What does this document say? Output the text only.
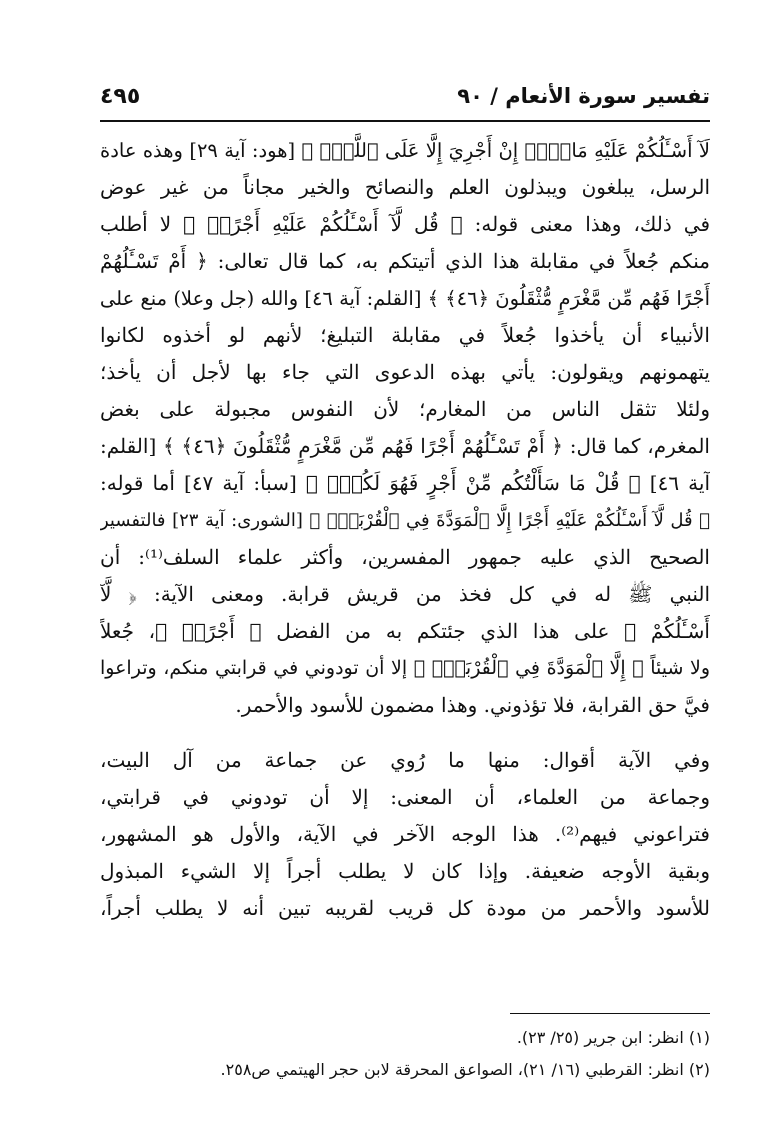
تفسير سورة الأنعام / ٩٠
٤٩٥
لَآ أَسْـَٔلُكُمْ عَلَيْهِ مَالًاۖ إِنْ أَجْرِيَ إِلَّا عَلَى ٱللَّهِۚ ﴾ [هود: آية ٢٩] وهذه عادة
الرسل، يبلغون ويبذلون العلم والنصائح والخير مجاناً من غير عوض
في ذلك، وهذا معنى قوله: ﴿ قُل لَّآ أَسْـَٔلُكُمْ عَلَيْهِ أَجْرًاۖ ﴾ لا أطلب
منكم جُعلاً في مقابلة هذا الذي أتيتكم به، كما قال تعالى: ﴿ أَمْ تَسْـَٔلُهُمْ
أَجْرًا فَهُم مِّن مَّغْرَمٍ مُّثْقَلُونَ ﴿٤٦﴾ ﴾ [القلم: آية ٤٦] والله (جل وعلا) منع على
الأنبياء أن يأخذوا جُعلاً في مقابلة التبليغ؛ لأنهم لو أخذوه لكانوا
يتهمونهم ويقولون: يأتي بهذه الدعوى التي جاء بها لأجل أن يأخذ؛
ولئلا تثقل الناس من المغارم؛ لأن النفوس مجبولة على بغض
المغرم، كما قال: ﴿ أَمْ تَسْـَٔلُهُمْ أَجْرًا فَهُم مِّن مَّغْرَمٍ مُّثْقَلُونَ ﴿٤٦﴾ ﴾ [القلم:
آية ٤٦] ﴿ قُلْ مَا سَأَلْتُكُم مِّنْ أَجْرٍ فَهُوَ لَكُمْۖ ﴾ [سبأ: آية ٤٧] أما قوله:
﴿ قُل لَّآ أَسْـَٔلُكُمْ عَلَيْهِ أَجْرًا إِلَّا ٱلْمَوَدَّةَ فِي ٱلْقُرْبَىٰۗ ﴾ [الشورى: آية ٢٣] فالتفسير
الصحيح الذي عليه جمهور المفسرين، وأكثر علماء السلف⁽¹⁾: أن
النبي ﷺ له في كل فخذ من قريش قرابة. ومعنى الآية: ﴿ لَّآ
أَسْـَٔلُكُمْ ﴾ على هذا الذي جئتكم به من الفضل ﴿ أَجْرًاۖ ﴾، جُعلاً
ولا شيئاً ﴿ إِلَّا ٱلْمَوَدَّةَ فِي ٱلْقُرْبَىٰۗ ﴾ إلا أن تودوني في قرابتي منكم، وتراعوا
فيَّ حق القرابة، فلا تؤذوني. وهذا مضمون للأسود والأحمر.
وفي الآية أقوال: منها ما رُوي عن جماعة من آل البيت،
وجماعة من العلماء، أن المعنى: إلا أن تودوني في قرابتي،
فتراعوني فيهم⁽²⁾. هذا الوجه الآخر في الآية، والأول هو المشهور،
وبقية الأوجه ضعيفة. وإذا كان لا يطلب أجراً إلا الشيء المبذول
للأسود والأحمر من مودة كل قريب لقريبه تبين أنه لا يطلب أجراً،
(١) انظر: ابن جرير (٢٥/ ٢٣).
(٢) انظر: القرطبي (١٦/ ٢١)، الصواعق المحرقة لابن حجر الهيتمي ص٢٥٨.
